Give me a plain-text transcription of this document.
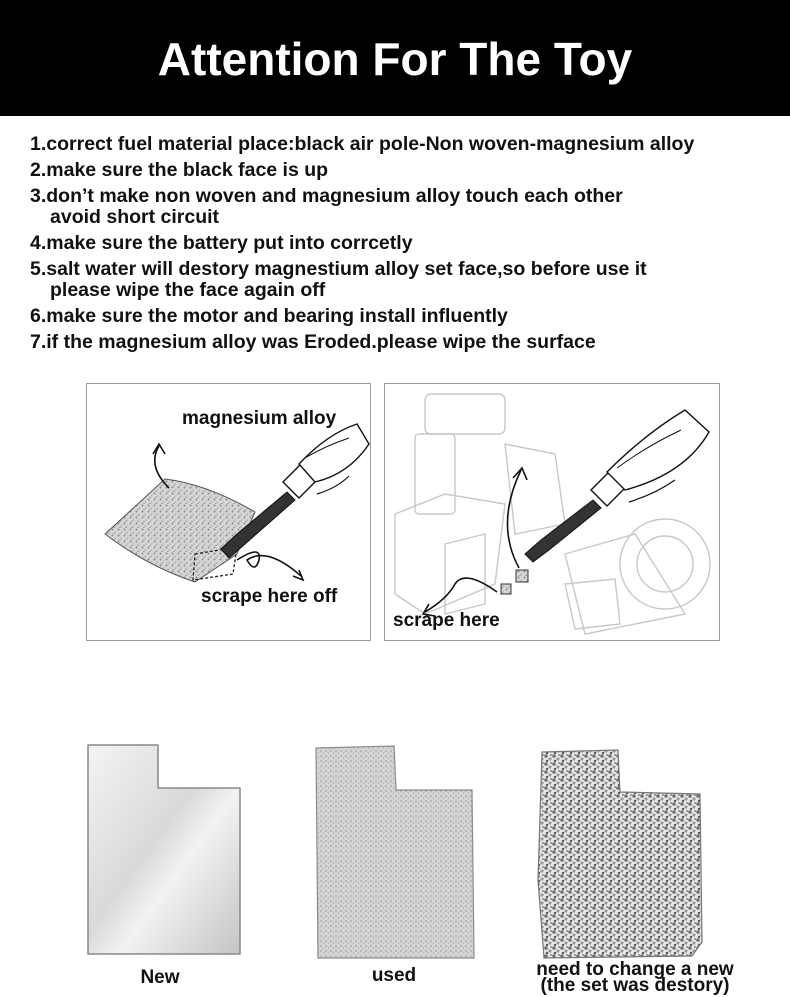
Attention For The Toy
1.correct fuel material place:black air pole-Non woven-magnesium alloy
2.make sure the black face is up
3.don’t make non woven and magnesium alloy touch each other
avoid short circuit
4.make sure the battery put into corrcetly
5.salt water will destory magnestium alloy set face,so before use it
please wipe the face again off
6.make sure the motor and bearing install influently
7.if the magnesium alloy was Eroded.please wipe the surface
magnesium alloy
scrape here off
scrape here
New	used	need to change a new
(the set was destory)
